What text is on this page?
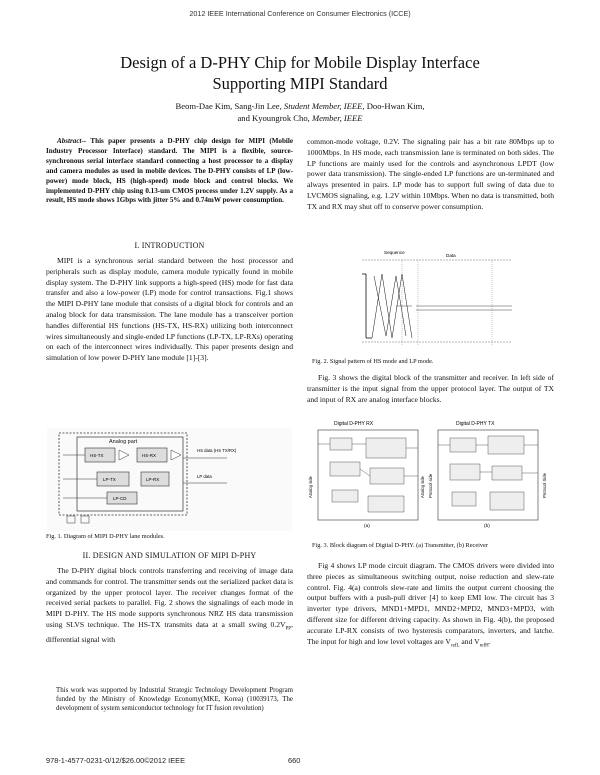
2012 IEEE International Conference on Consumer Electronics (ICCE)
Design of a D-PHY Chip for Mobile Display Interface
Supporting MIPI Standard
Beom-Dae Kim, Sang-Jin Lee, Student Member, IEEE, Doo-Hwan Kim,
and Kyoungrok Cho, Member, IEEE
Abstract-- This paper presents a D-PHY chip design for MIPI (Mobile Industry Processor Interface) standard. The MIPI is a flexible, source-synchronous serial interface standard connecting a host processor to a display and camera modules as used in mobile devices. The D-PHY consists of LP (low-power) mode block, HS (high-speed) mode block and control blocks. We implemented D-PHY chip using 0.13-um CMOS process under 1.2V supply. As a result, HS mode shows 1Gbps with jitter 5% and 0.74mW power consumption.
I. INTRODUCTION

MIPI is a synchronous serial standard between the host processor and peripherals such as display module, camera module typically found in mobile display system. The D-PHY link supports a high-speed (HS) mode for fast data transfer and also a low-power (LP) mode for control transactions. Fig.1 shows the MIPI D-PHY lane module that consists of a digital block for controls and an analog block for data transmission. The lane module has a transceiver portion handles differential HS functions (HS-TX, HS-RX) utilizing both interconnect wires simultaneously and single-ended LP functions (LP-TX, LP-RXs) operating on each of the interconnect wires individually. This paper presents design and simulation of low power D-PHY lane module [1]-[3].

Analog part
HS-TX	HS-RX
LP-TX	LP-RX
LP-CD
HS data (HS TX/RX)
LP data
Fig. 1. Diagram of MIPI D-PHY lane modules.
II. DESIGN AND SIMULATION OF MIPI D-PHY

The D-PHY digital block controls transferring and receiving of image data and commands for control. The transmitter sends out the serialized packet data is organized by the upper protocol layer. The receiver changes format of the received serial packets to parallel. Fig. 2 shows the signalings of each mode in MIPI D-PHY. The HS mode supports synchronous NRZ HS data transmission using SLVS technique. The HS-TX transmits data at a small swing $0.2V_{PP}$, differential signal with

This work was supported by Industrial Strategic Technology Development Program funded by the Ministry of Knowledge Economy(MKE, Korea) (10039173, The development of system semiconductor technology for IT fusion revolution)

common-mode voltage, 0.2V. The signaling pair has a bit rate 80Mbps up to 1000Mbps. In HS mode, each transmission lane is terminated on both sides. The LP functions are mainly used for the controls and asynchronous LPDT (low power data transmission). The single-ended LP functions are un-terminated and always presented in pairs. LP mode has to support full swing of data due to LVCMOS signaling, e.g. 1.2V within 10Mbps. When no data is transmitted, both TX and RX may shut off to conserve power consumption.

Sequence
Data
Fig. 2. Signal pattern of HS mode and LP mode.

Fig. 3 shows the digital block of the transmitter and receiver. In left side of transmitter is the input signal from the upper protocol layer. The output of TX and input of RX are analog interface blocks.

Digital D-PHY RX	Digital D-PHY TX
Analog side	Analog side Protocol side	Protocol Side
(a)	(b)
Fig. 3. Block diagram of Digital D-PHY. (a) Transmitter, (b) Receiver

Fig 4 shows LP mode circuit diagram. The CMOS drivers were divided into three pieces as simultaneous switching output, noise reduction and slew-rate control. Fig. 4(a) controls slew-rate and limits the output current choosing the output buffers with a push-pull driver [4] to keep EMI low. The circuit has 3 inverter type drivers, MND1+MPD1, MND2+MPD2, MND3+MPD3, with different size for different driving capacity. As shown in Fig. 4(b), the proposed accurate LP-RX consists of two hysteresis comparators, inverters, and latche. The input for high and low level voltages are $V_{refL}$ and $V_{refH}$.

978-1-4577-0231-0/12/$26.00©2012 IEEE	660
